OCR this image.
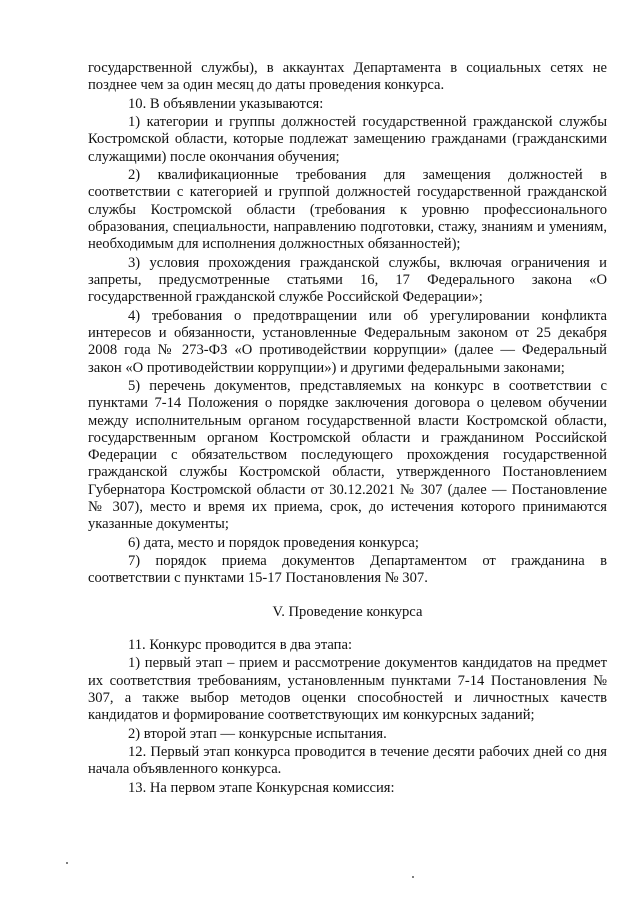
государственной службы), в аккаунтах Департамента в социальных сетях не позднее чем за один месяц до даты проведения конкурса.

10. В объявлении указываются:

1) категории и группы должностей государственной гражданской службы Костромской области, которые подлежат замещению гражданами (гражданскими служащими) после окончания обучения;

2) квалификационные требования для замещения должностей в соответствии с категорией и группой должностей государственной гражданской службы Костромской области (требования к уровню профессионального образования, специальности, направлению подготовки, стажу, знаниям и умениям, необходимым для исполнения должностных обязанностей);

3) условия прохождения гражданской службы, включая ограничения и запреты, предусмотренные статьями 16, 17 Федерального закона «О государственной гражданской службе Российской Федерации»;

4) требования о предотвращении или об урегулировании конфликта интересов и обязанности, установленные Федеральным законом от 25 декабря 2008 года № 273-ФЗ «О противодействии коррупции» (далее — Федеральный закон «О противодействии коррупции») и другими федеральными законами;

5) перечень документов, представляемых на конкурс в соответствии с пунктами 7-14 Положения о порядке заключения договора о целевом обучении между исполнительным органом государственной власти Костромской области, государственным органом Костромской области и гражданином Российской Федерации с обязательством последующего прохождения государственной гражданской службы Костромской области, утвержденного Постановлением Губернатора Костромской области от 30.12.2021 № 307 (далее — Постановление № 307), место и время их приема, срок, до истечения которого принимаются указанные документы;

6) дата, место и порядок проведения конкурса;

7) порядок приема документов Департаментом от гражданина в соответствии с пунктами 15-17 Постановления № 307.

V. Проведение конкурса

11. Конкурс проводится в два этапа:

1) первый этап – прием и рассмотрение документов кандидатов на предмет их соответствия требованиям, установленным пунктами 7-14 Постановления № 307, а также выбор методов оценки способностей и личностных качеств кандидатов и формирование соответствующих им конкурсных заданий;

2) второй этап — конкурсные испытания.

12. Первый этап конкурса проводится в течение десяти рабочих дней со дня начала объявленного конкурса.

13. На первом этапе Конкурсная комиссия:
